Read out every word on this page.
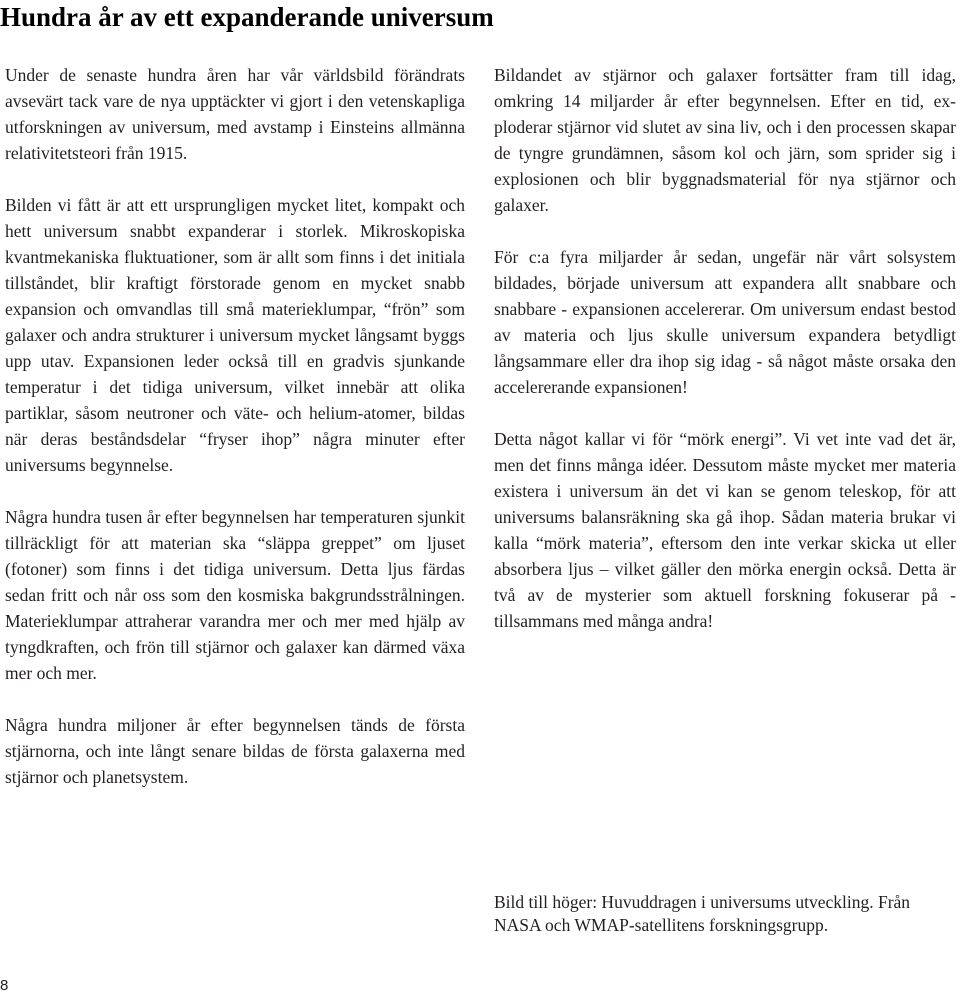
Hundra år av ett expanderande universum

Under de senaste hundra åren har vår världsbild förändrats avsevärt tack vare de nya upptäckter vi gjort i den vetenskapliga utforskningen av universum, med avstamp i Einsteins allmänna relativitetsteori från 1915.

Bilden vi fått är att ett ursprungligen mycket litet, kompakt och hett universum snabbt expanderar i storlek. Mikroskopiska kvantmekaniska fluktuationer, som är allt som finns i det initiala tillståndet, blir kraftigt förstorade genom en mycket snabb expansion och omvandlas till små materieklumpar, “frön” som galaxer och andra strukturer i universum mycket långsamt byggs upp utav. Expansionen leder också till en gradvis sjunkande temperatur i det tidiga universum, vilket innebär att olika partiklar, såsom neutroner och väte- och helium-atomer, bildas när deras beståndsdelar “fryser ihop” några minuter efter universums begynnelse.

Några hundra tusen år efter begynnelsen har temperaturen sjunkit tillräckligt för att materian ska “släppa greppet” om ljuset (fotoner) som finns i det tidiga universum. Detta ljus färdas sedan fritt och når oss som den kosmiska bakgrundsstrålningen. Materieklumpar attraherar varandra mer och mer med hjälp av tyngdkraften, och frön till stjärnor och galaxer kan därmed växa mer och mer.

Några hundra miljoner år efter begynnelsen tänds de första stjärnorna, och inte långt senare bildas de första galaxerna med stjärnor och planetsystem.

Bildandet av stjärnor och galaxer fortsätter fram till idag, omkring 14 miljarder år efter begynnelsen. Efter en tid, exploderar stjärnor vid slutet av sina liv, och i den processen skapar de tyngre grundämnen, såsom kol och järn, som sprider sig i explosionen och blir byggnadsmaterial för nya stjärnor och galaxer.

För c:a fyra miljarder år sedan, ungefär när vårt solsystem bildades, började universum att expandera allt snabbare och snabbare - expansionen accelererar. Om universum endast bestod av materia och ljus skulle universum expandera betydligt långsammare eller dra ihop sig idag - så något måste orsaka den accelererande expansionen!

Detta något kallar vi för “mörk energi”. Vi vet inte vad det är, men det finns många idéer. Dessutom måste mycket mer materia existera i universum än det vi kan se genom teleskop, för att universums balansräkning ska gå ihop. Sådan materia brukar vi kalla “mörk materia”, eftersom den inte verkar skicka ut eller absorbera ljus – vilket gäller den mörka energin också. Detta är två av de mysterier som aktuell forskning fokuserar på - tillsammans med många andra!

Bild till höger: Huvuddragen i universums utveckling. Från NASA och WMAP-satellitens forskningsgrupp.

8
